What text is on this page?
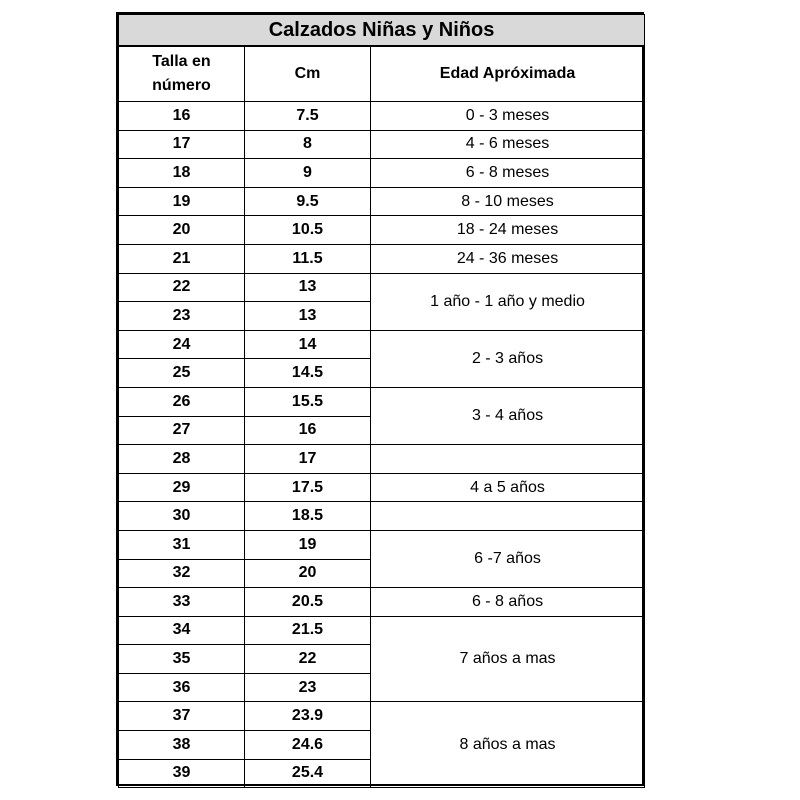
Calzados Niñas y Niños		

Talla en
número	Cm	Edad Apróximada
16	7.5	0 - 3 meses
17	8	4 - 6 meses
18	9	6 - 8 meses
19	9.5	8 - 10 meses
20	10.5	18 - 24 meses
21	11.5	24 - 36 meses
22	13	1 año - 1 año y medio
23	13	
24	14	2 - 3 años
25	14.5	
26	15.5	3 - 4 años
27	16	
28	17	
29	17.5	4 a 5 años
30	18.5	
31	19	6 -7 años
32	20	
33	20.5	6 - 8 años
34	21.5	7 años a mas
35	22	
36	23	
37	23.9	8 años a mas
38	24.6	
39	25.4	
